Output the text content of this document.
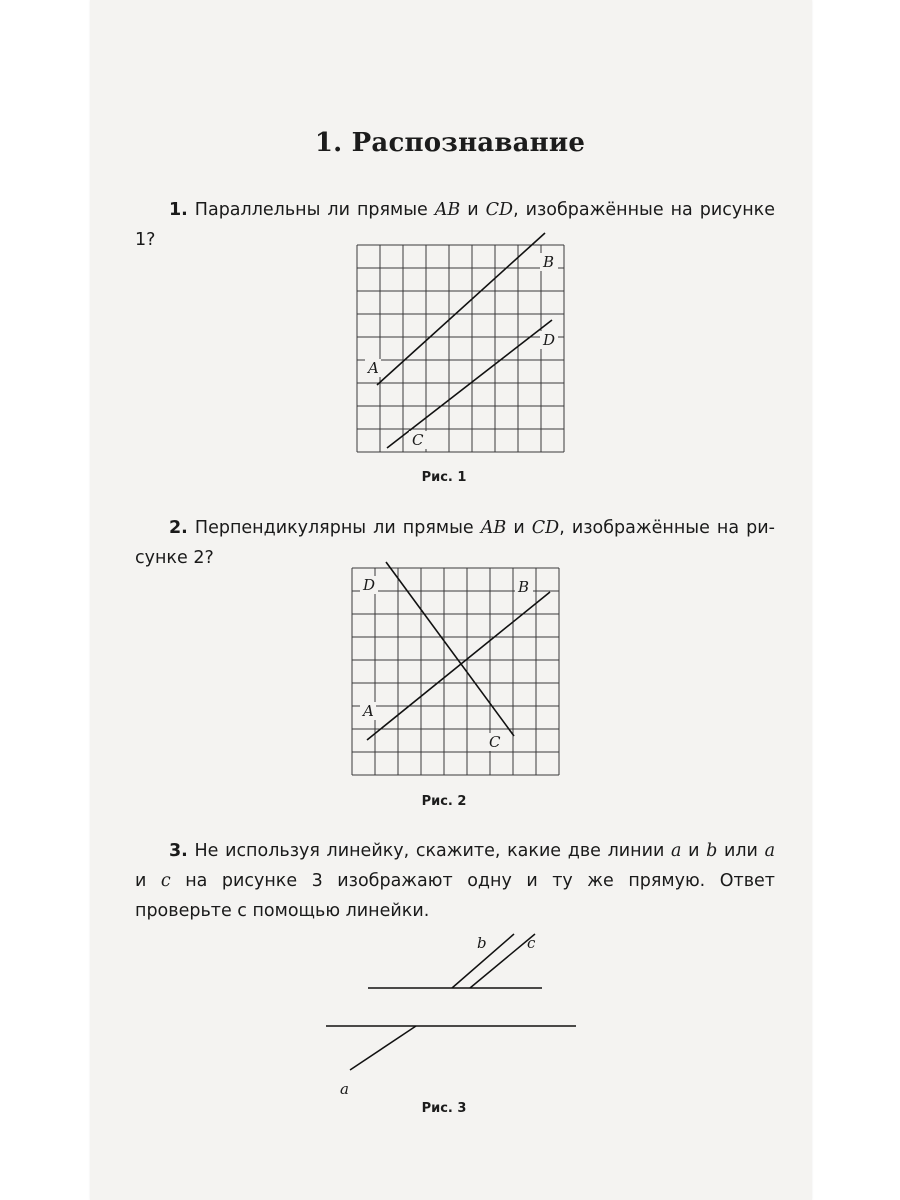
1. Распознавание
1. Параллельны ли прямые AB и CD, изображённые на рисунке 1?
A
B
C
D
Рис. 1
2. Перпендикулярны ли прямые AB и CD, изображённые на рисунке 2?
D	B
A
C
Рис. 2
3. Не используя линейку, скажите, какие две линии a и b или a и c на рисунке 3 изображают одну и ту же прямую. Ответ проверьте с помощью линейки.
b	c
a
Рис. 3
